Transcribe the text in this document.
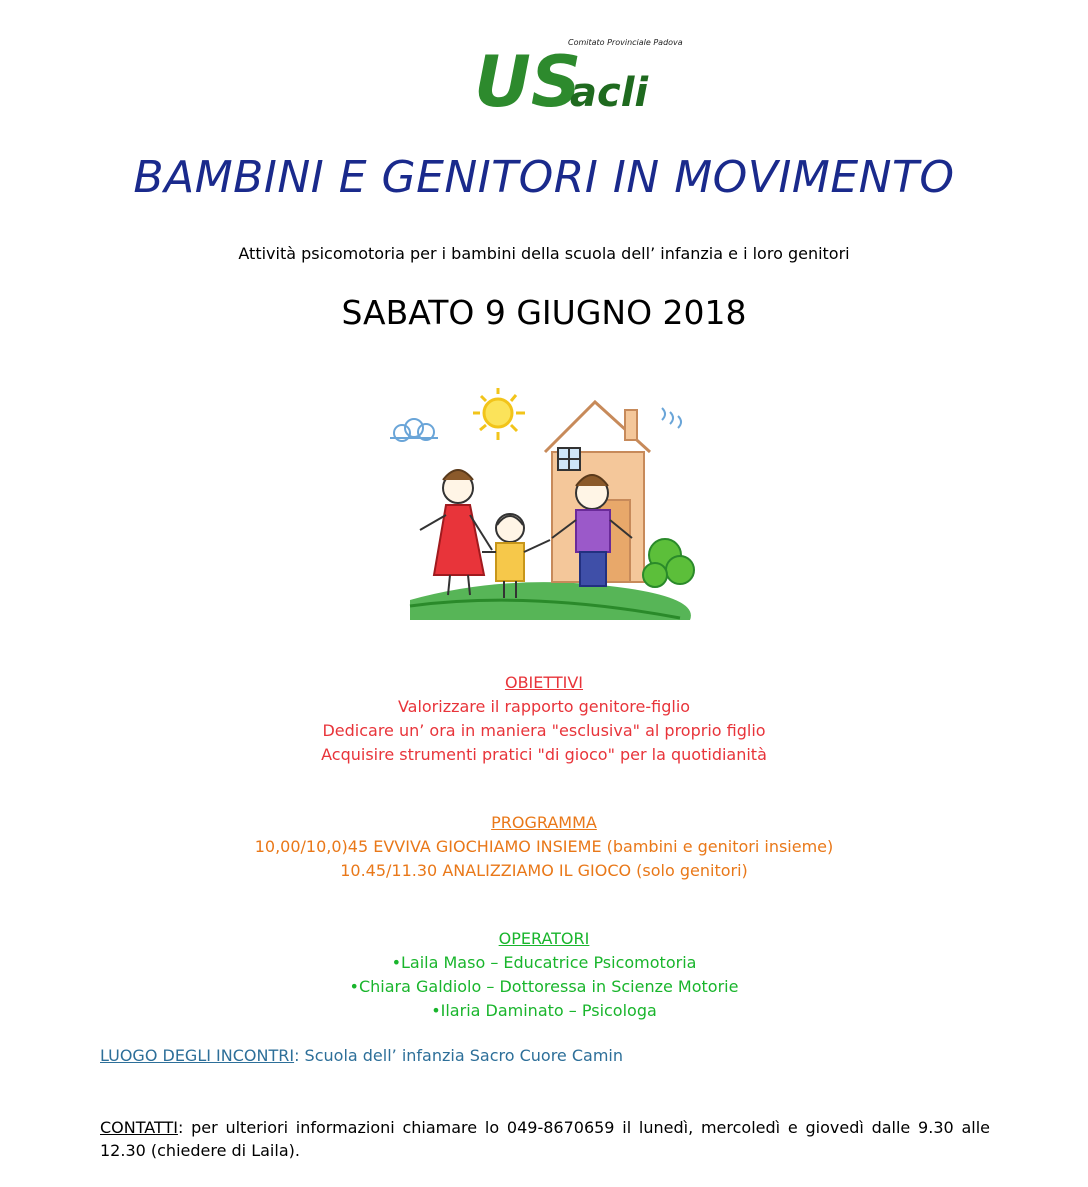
US
acli
Comitato Provinciale Padova
BAMBINI E GENITORI IN MOVIMENTO
Attività psicomotoria per i bambini della scuola dell’ infanzia e i loro genitori
SABATO 9 GIUGNO 2018
OBIETTIVI
Valorizzare il rapporto genitore-figlio
Dedicare un’ ora in maniera "esclusiva" al proprio figlio
Acquisire strumenti pratici "di gioco" per la quotidianità
PROGRAMMA
10,00/10,0)45 EVVIVA GIOCHIAMO INSIEME (bambini e genitori insieme)
10.45/11.30 ANALIZZIAMO IL GIOCO (solo genitori)
OPERATORI
•Laila Maso – Educatrice Psicomotoria
•Chiara Galdiolo – Dottoressa in Scienze Motorie
•Ilaria Daminato – Psicologa
LUOGO DEGLI INCONTRI: Scuola dell’ infanzia Sacro Cuore Camin
CONTATTI: per ulteriori informazioni chiamare lo 049-8670659 il lunedì, mercoledì e giovedì dalle 9.30 alle 12.30 (chiedere di Laila).
